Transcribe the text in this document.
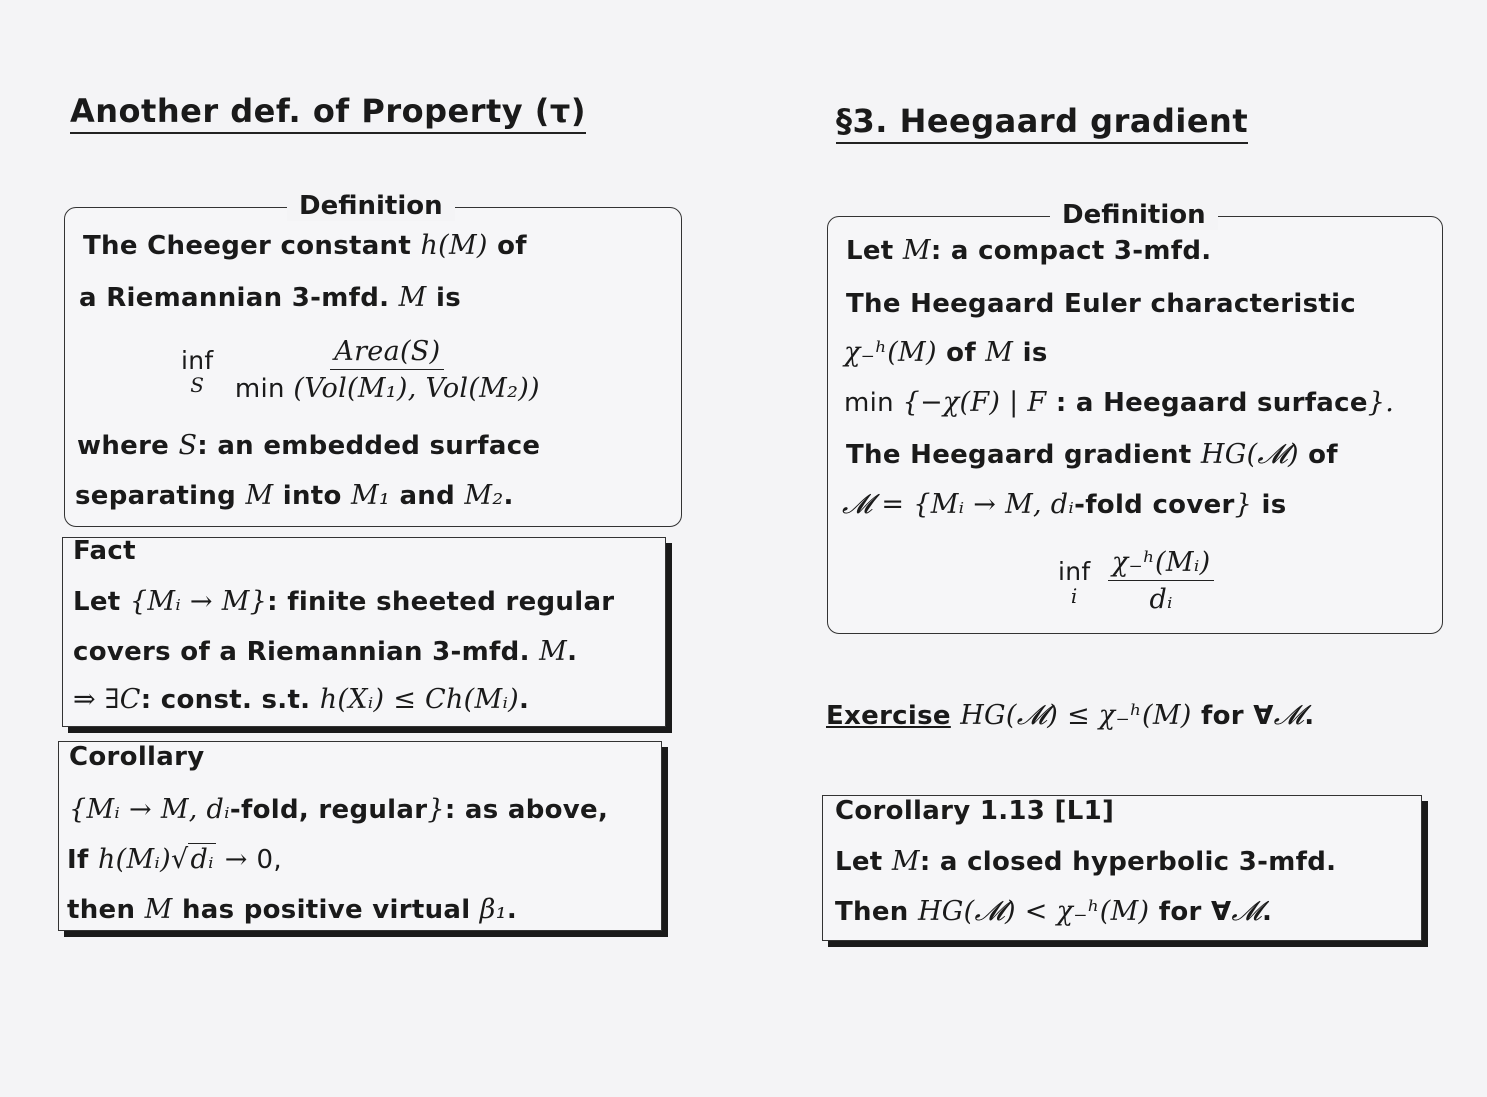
Another def. of Property (τ)
Definition
The Cheeger constant h(M) of
a Riemannian 3-mfd. M is
inf
S
$\frac{\text{Area(S)}}{\text{min (Vol(M₁), Vol(M₂))}}$
where S: an embedded surface
separating M into M₁ and M₂.
Fact
Let {Mᵢ → M}: finite sheeted regular
covers of a Riemannian 3-mfd. M.
⇒ ∃C: const. s.t. h(Xᵢ) ≤ Ch(Mᵢ).
Corollary
{Mᵢ → M, dᵢ-fold, regular}: as above,
If h(Mᵢ)√dᵢ → 0,
then M has positive virtual β₁.
§3. Heegaard gradient
Definition
Let M: a compact 3-mfd.
The Heegaard Euler characteristic
χ₋ʰ(M) of M is
min {−χ(F) | F : a Heegaard surface}.
The Heegaard gradient HG(𝓜) of
𝓜 = {Mᵢ → M, dᵢ-fold cover} is
inf
i
$\frac{\text{χ₋ʰ(Mᵢ)}}{\text{dᵢ}}$
Exercise HG(𝓜) ≤ χ₋ʰ(M) for ∀𝓜.
Corollary 1.13 [L1]
Let M: a closed hyperbolic 3-mfd.
Then HG(𝓜) < χ₋ʰ(M) for ∀𝓜.
